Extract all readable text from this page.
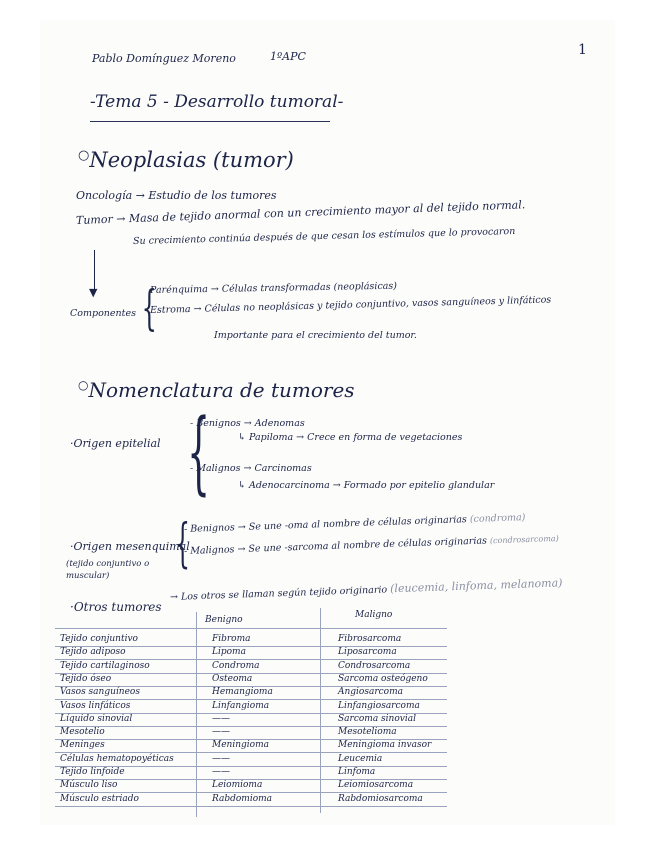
Pablo Domínguez Moreno	1ºAPC	1
-Tema 5 - Desarrollo tumoral-
○Neoplasias (tumor)
Oncología → Estudio de los tumores
Tumor → Masa de tejido anormal con un crecimiento mayor al del tejido normal.
Su crecimiento continúa después de que cesan los estímulos que lo provocaron
▼
Componentes {
Parénquima → Células transformadas (neoplásicas)
Estroma → Células no neoplásicas y tejido conjuntivo, vasos sanguíneos y linfáticos
Importante para el crecimiento del tumor.
○Nomenclatura de tumores
·Origen epitelial {
- Benignos → Adenomas
↳ Papiloma → Crece en forma de vegetaciones
- Malignos → Carcinomas
↳ Adenocarcinoma → Formado por epitelio glandular
·Origen mesenquimal
(tejido conjuntivo o muscular)
{
- Benignos → Se une -oma al nombre de células originarias (condroma)
- Malignos → Se une -sarcoma al nombre de células originarias (condrosarcoma)
·Otros tumores
→ Los otros se llaman según tejido originario (leucemia, linfoma, melanoma)
Benigno	Maligno
Tejido conjuntivo	Fibroma	Fibrosarcoma
Tejido adiposo	Lipoma	Liposarcoma
Tejido cartilaginoso	Condroma	Condrosarcoma
Tejido óseo	Osteoma	Sarcoma osteógeno
Vasos sanguíneos	Hemangioma	Angiosarcoma
Vasos linfáticos	Linfangioma	Linfangiosarcoma
Líquido sinovial	——	Sarcoma sinovial
Mesotelio	——	Mesotelioma
Meninges	Meningioma	Meningioma invasor
Células hematopoyéticas	——	Leucemia
Tejido linfoide	——	Linfoma
Músculo liso	Leiomioma	Leiomiosarcoma
Músculo estriado	Rabdomioma	Rabdomiosarcoma
